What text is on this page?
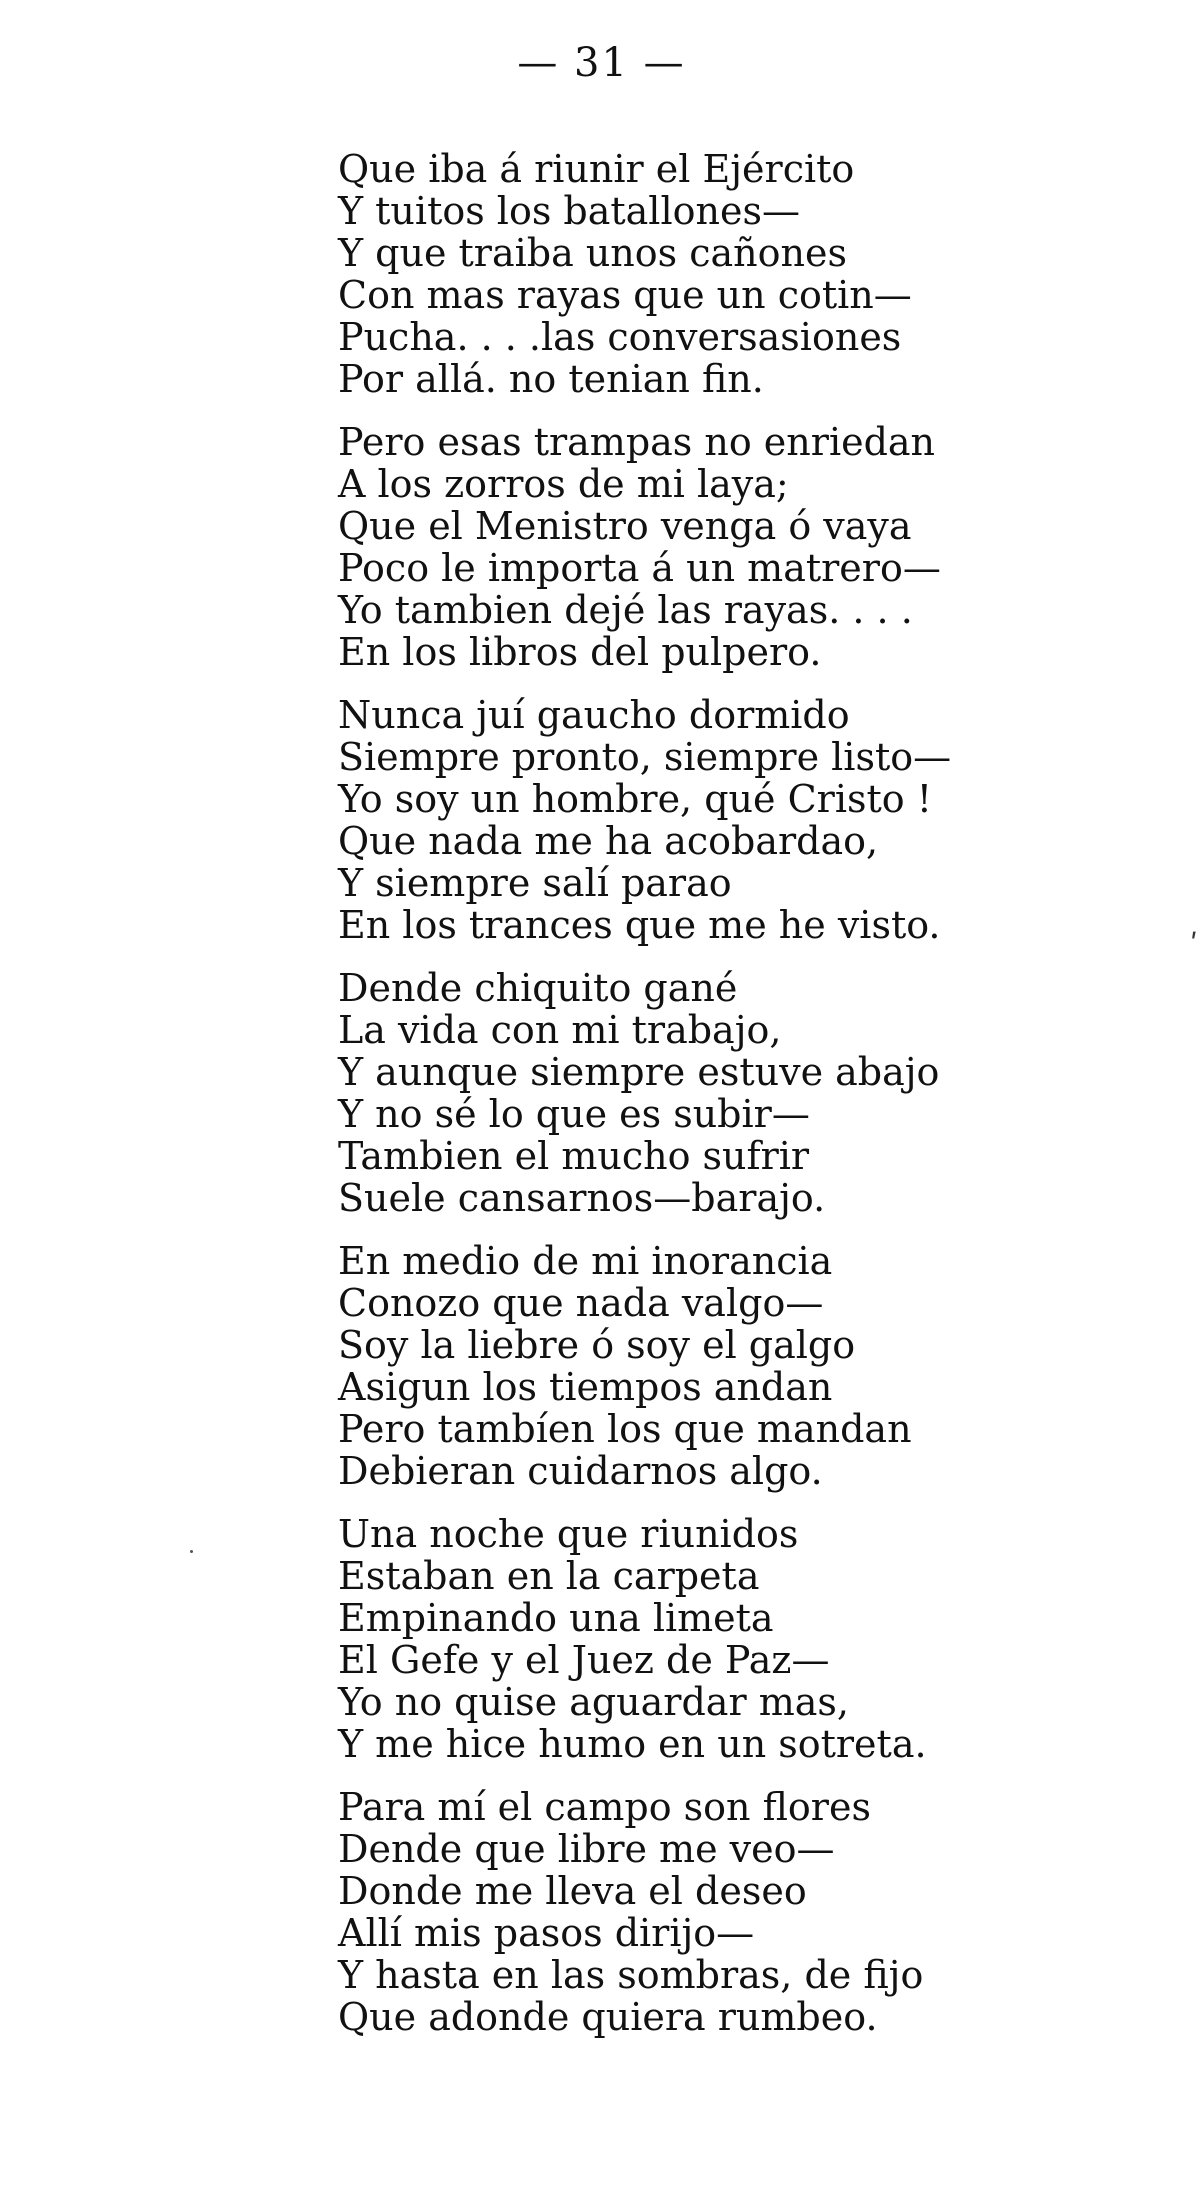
— 31 —
Que iba á riunir el Ejército
Y tuitos los batallones—
Y que traiba unos cañones
Con mas rayas que un cotin—
Pucha. . . .las conversasiones
Por allá. no tenian fin.
Pero esas trampas no enriedan
A los zorros de mi laya;
Que el Menistro venga ó vaya
Poco le importa á un matrero—
Yo tambien dejé las rayas. . . .
En los libros del pulpero.
Nunca juí gaucho dormido
Siempre pronto, siempre listo—
Yo soy un hombre, qué Cristo !
Que nada me ha acobardao,
Y siempre salí parao
En los trances que me he visto.
Dende chiquito gané
La vida con mi trabajo,
Y aunque siempre estuve abajo
Y no sé lo que es subir—
Tambien el mucho sufrir
Suele cansarnos—barajo.
En medio de mi inorancia
Conozo que nada valgo—
Soy la liebre ó soy el galgo
Asigun los tiempos andan
Pero tambíen los que mandan
Debieran cuidarnos algo.
Una noche que riunidos
Estaban en la carpeta
Empinando una limeta
El Gefe y el Juez de Paz—
Yo no quise aguardar mas,
Y me hice humo en un sotreta.
Para mí el campo son flores
Dende que libre me veo—
Donde me lleva el deseo
Allí mis pasos dirijo—
Y hasta en las sombras, de fijo
Que adonde quiera rumbeo.
ʹ
